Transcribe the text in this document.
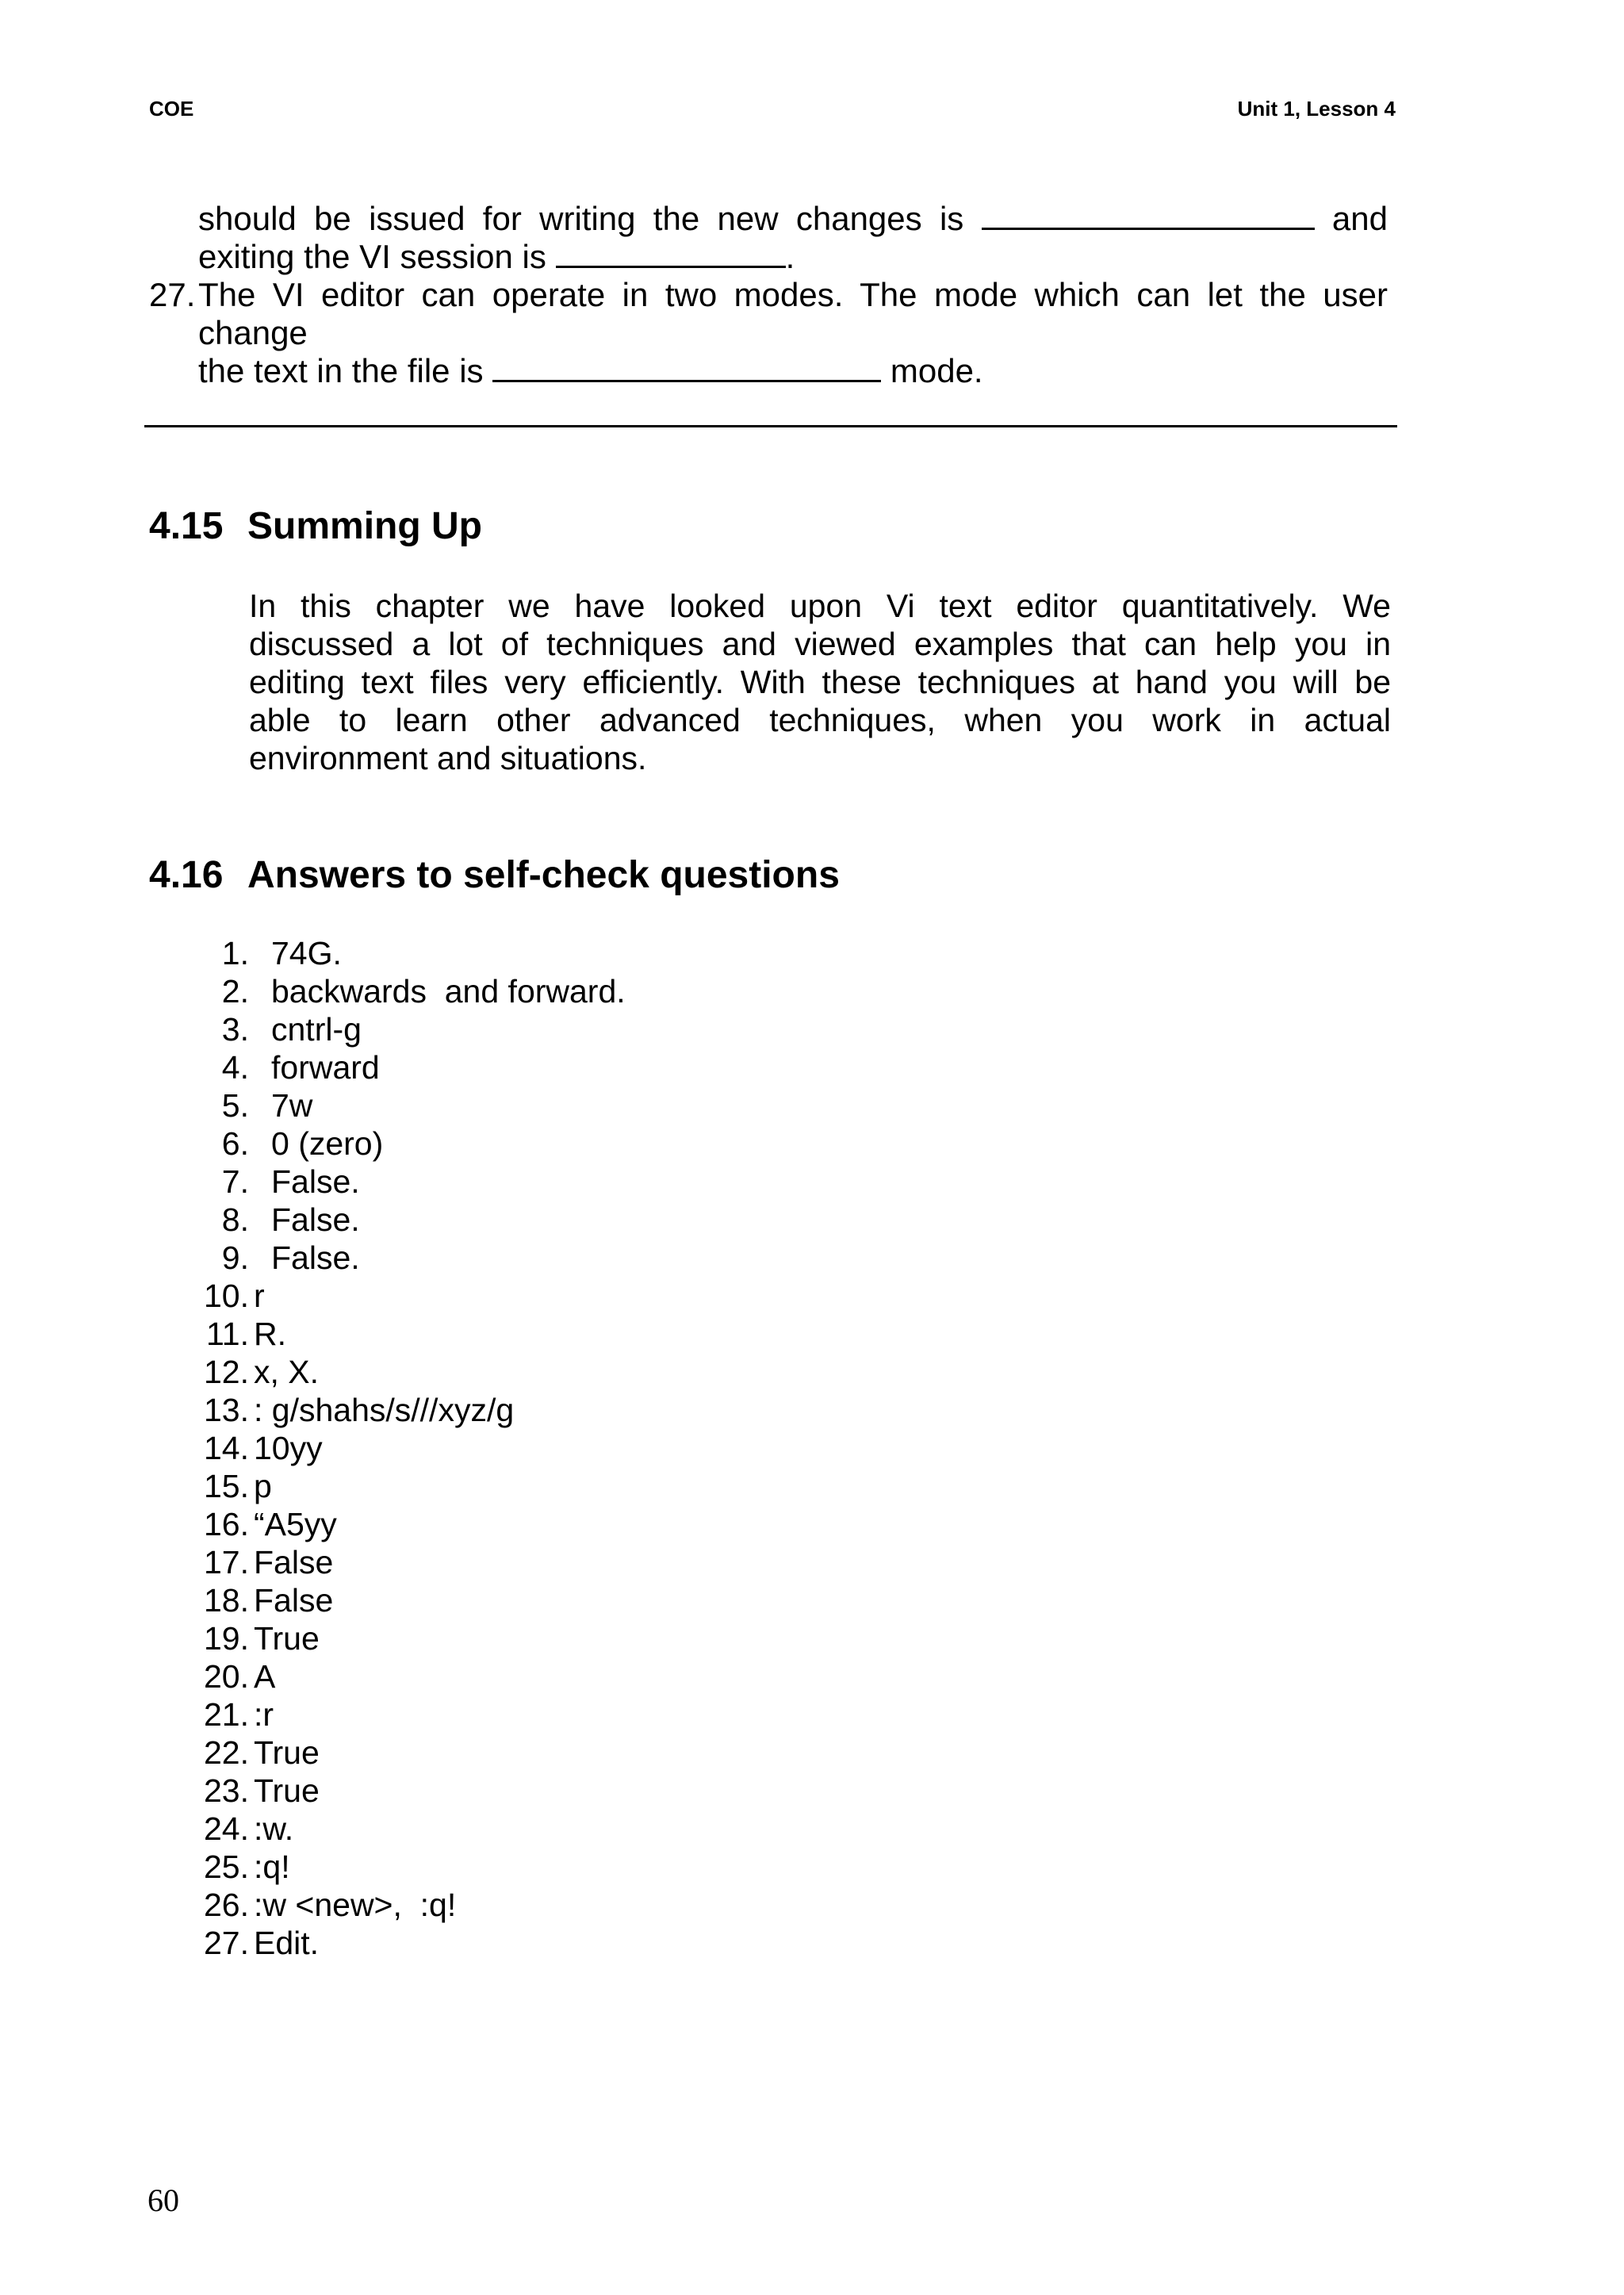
COE	Unit 1, Lesson 4
should be issued for writing the new changes is	and
exiting the VI session is	.
27. The VI editor can operate in two modes. The mode which can let the user change
the text in the file is	mode.
4.15 Summing Up
In this chapter we have looked upon Vi text editor quantitatively. We
discussed a lot of techniques and viewed examples that can help you in
editing text files very efficiently. With these techniques at hand you will be
able to learn other advanced techniques, when you work in actual
environment and situations.
4.16 Answers to self-check questions
1. 74G.
2. backwards  and forward.
3. cntrl-g
4. forward
5. 7w
6. 0 (zero)
7. False.
8. False.
9. False.
10. r
11. R.
12. x, X.
13. : g/shahs/s///xyz/g
14. 10yy
15. p
16. “A5yy
17. False
18. False
19. True
20. A
21. :r
22. True
23. True
24. :w.
25. :q!
26. :w <new>,  :q!
27. Edit.
60
